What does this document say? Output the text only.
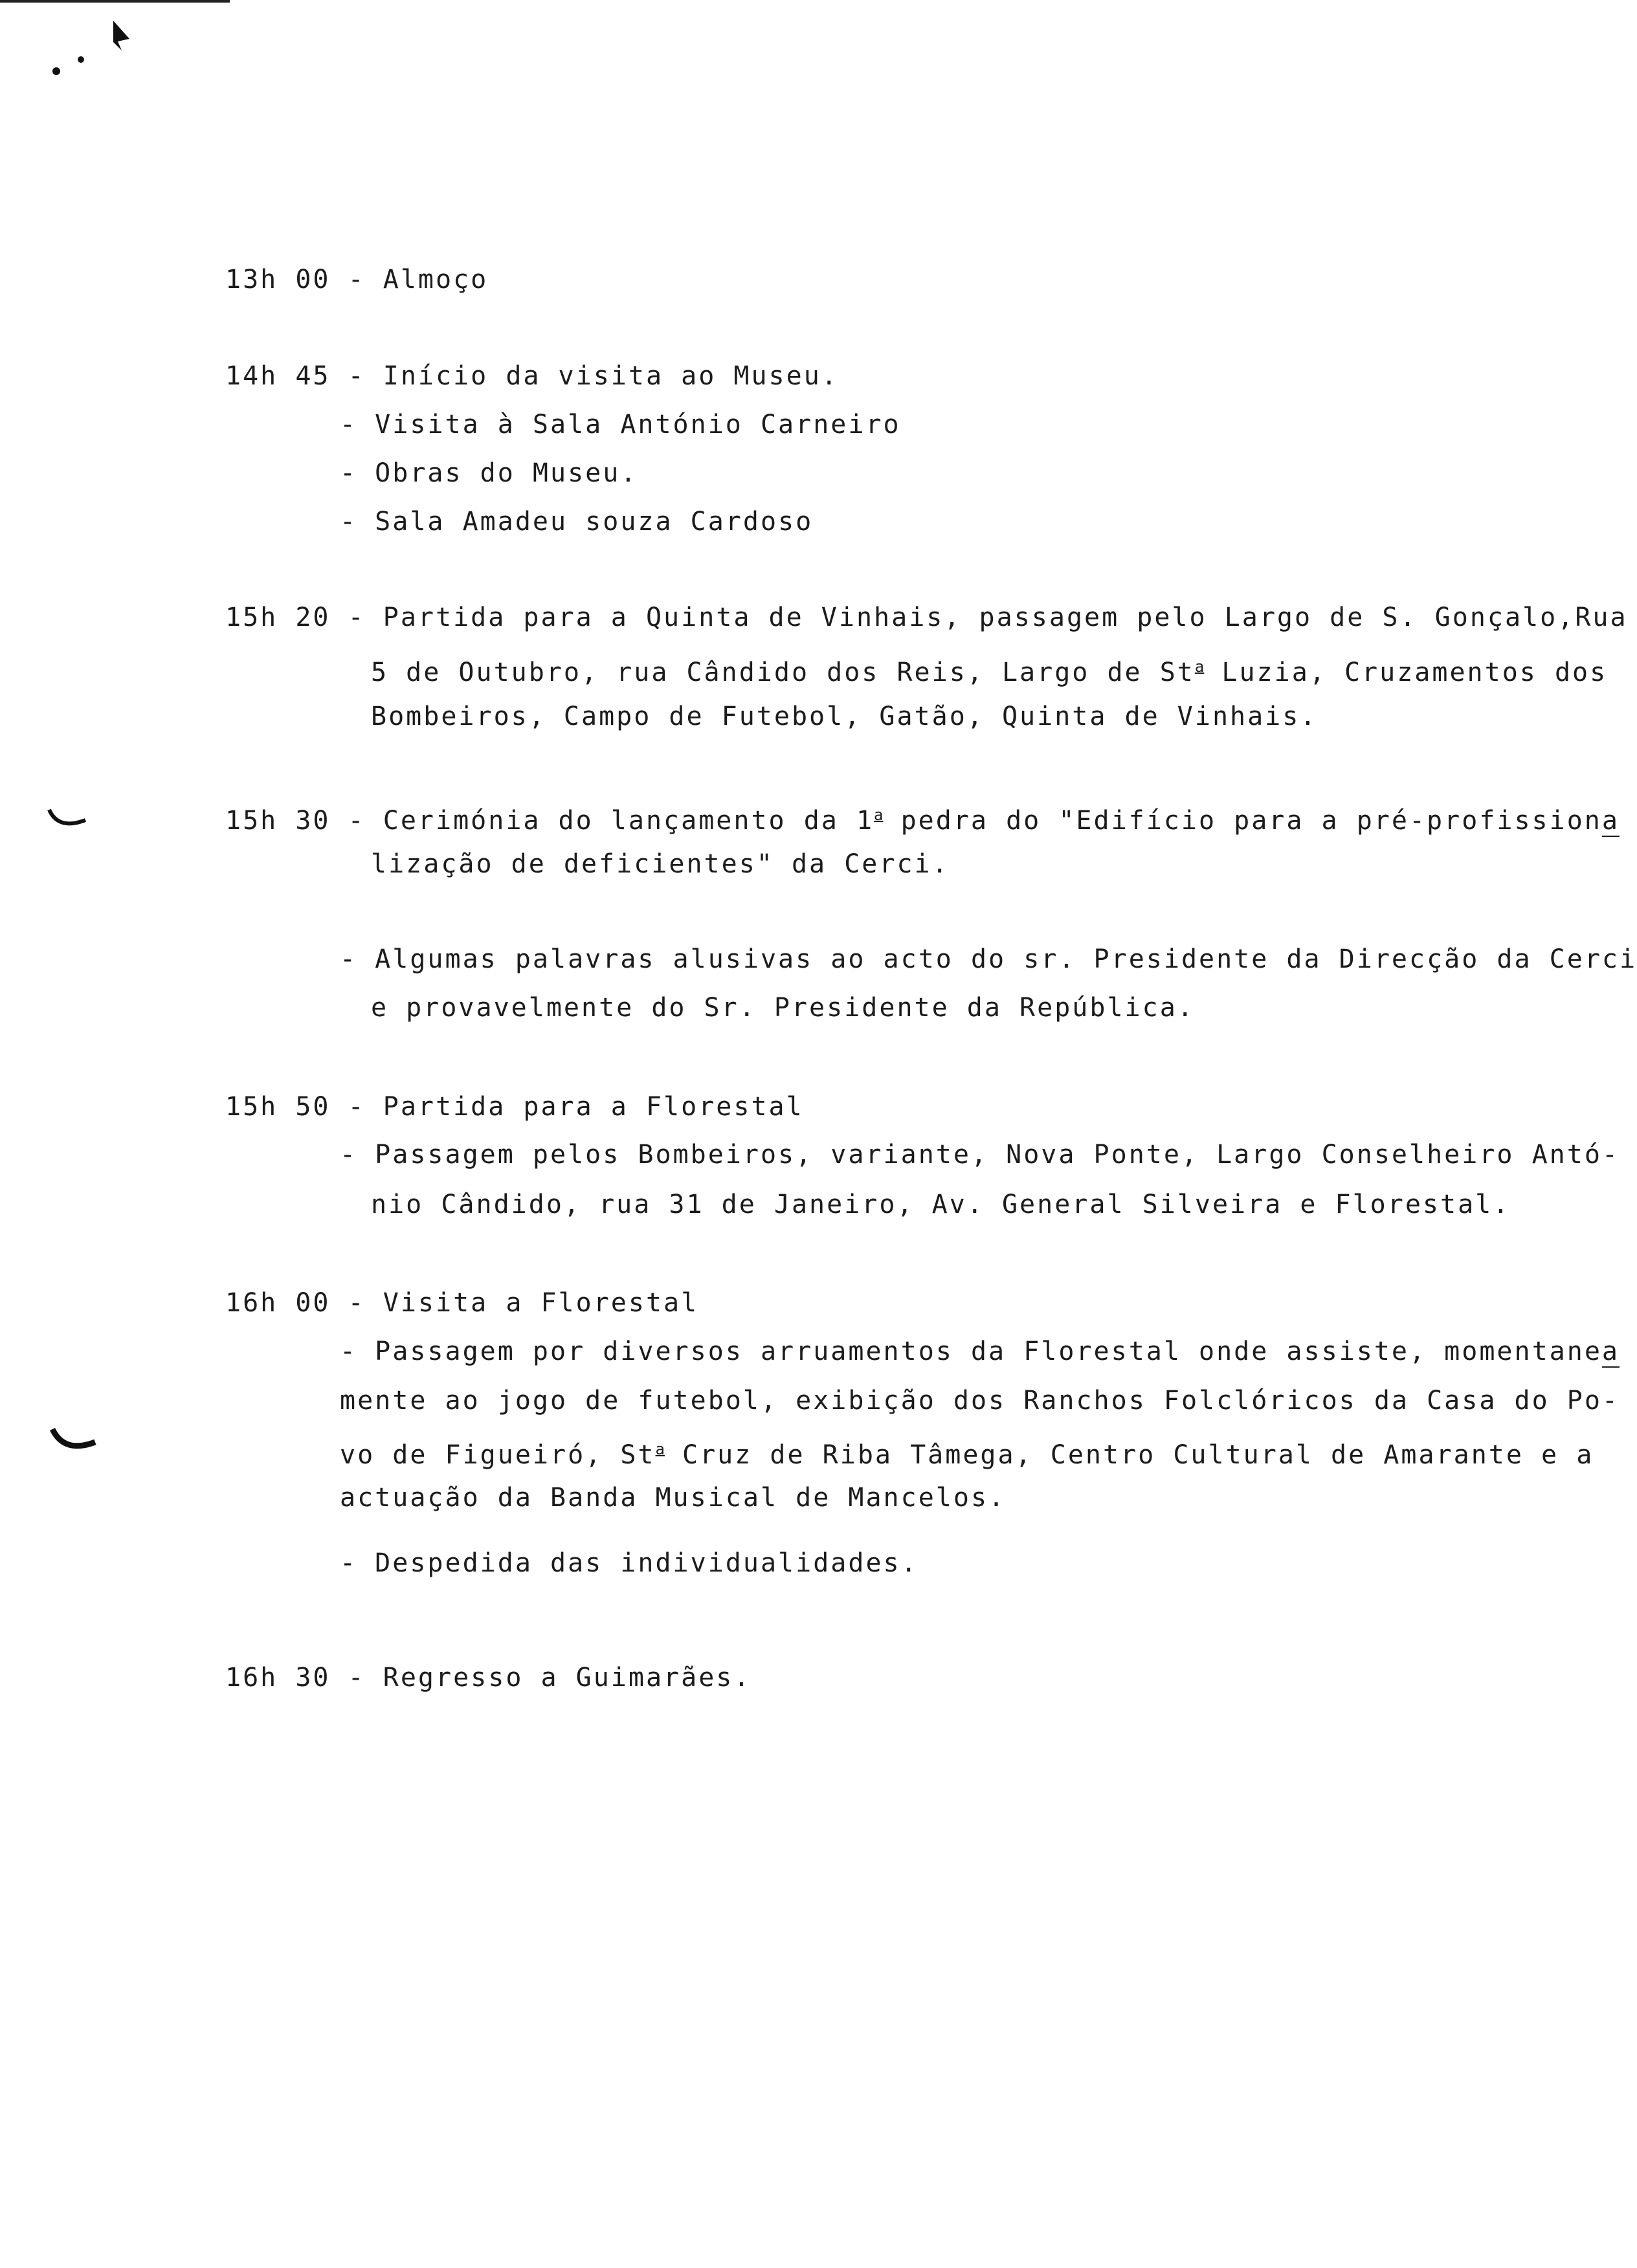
13h 00 - Almoço
14h 45 - Início da visita ao Museu.
- Visita à Sala António Carneiro
- Obras do Museu.
- Sala Amadeu souza Cardoso
15h 20 - Partida para a Quinta de Vinhais, passagem pelo Largo de S. Gonçalo,Rua
5 de Outubro, rua Cândido dos Reis, Largo de St$^a$ Luzia, Cruzamentos dos
Bombeiros, Campo de Futebol, Gatão, Quinta de Vinhais.
15h 30 - Cerimónia do lançamento da 1$^a$ pedra do "Edifício para a pré-profissiona
lização de deficientes" da Cerci.
- Algumas palavras alusivas ao acto do sr. Presidente da Direcção da Cerci
e provavelmente do Sr. Presidente da República.
15h 50 - Partida para a Florestal
- Passagem pelos Bombeiros, variante, Nova Ponte, Largo Conselheiro Antó-
nio Cândido, rua 31 de Janeiro, Av. General Silveira e Florestal.
16h 00 - Visita a Florestal
- Passagem por diversos arruamentos da Florestal onde assiste, momentanea
mente ao jogo de futebol, exibição dos Ranchos Folclóricos da Casa do Po-
vo de Figueiró, St$^a$ Cruz de Riba Tâmega, Centro Cultural de Amarante e a
actuação da Banda Musical de Mancelos.
- Despedida das individualidades.
16h 30 - Regresso a Guimarães.
